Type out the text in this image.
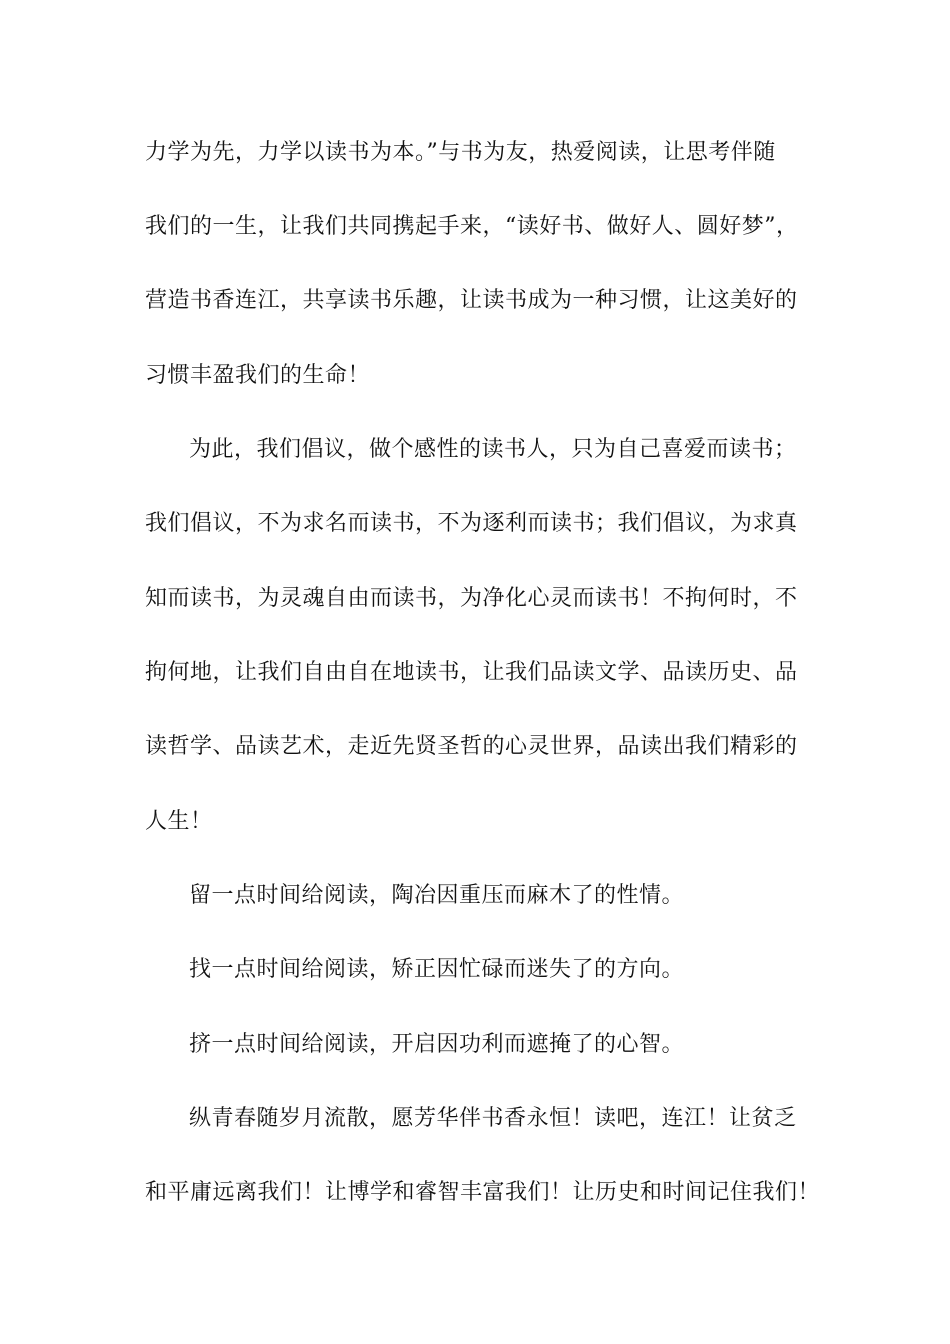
力学为先，力学以读书为本。”与书为友，热爱阅读，让思考伴随

我们的一生，让我们共同携起手来，“读好书、做好人、圆好梦”，

营造书香连江，共享读书乐趣，让读书成为一种习惯，让这美好的

习惯丰盈我们的生命！

为此，我们倡议，做个感性的读书人，只为自己喜爱而读书；

我们倡议，不为求名而读书，不为逐利而读书；我们倡议，为求真

知而读书，为灵魂自由而读书，为净化心灵而读书！不拘何时，不

拘何地，让我们自由自在地读书，让我们品读文学、品读历史、品

读哲学、品读艺术，走近先贤圣哲的心灵世界，品读出我们精彩的

人生！

留一点时间给阅读，陶冶因重压而麻木了的性情。

找一点时间给阅读，矫正因忙碌而迷失了的方向。

挤一点时间给阅读，开启因功利而遮掩了的心智。

纵青春随岁月流散，愿芳华伴书香永恒！读吧，连江！让贫乏

和平庸远离我们！让博学和睿智丰富我们！让历史和时间记住我们！
